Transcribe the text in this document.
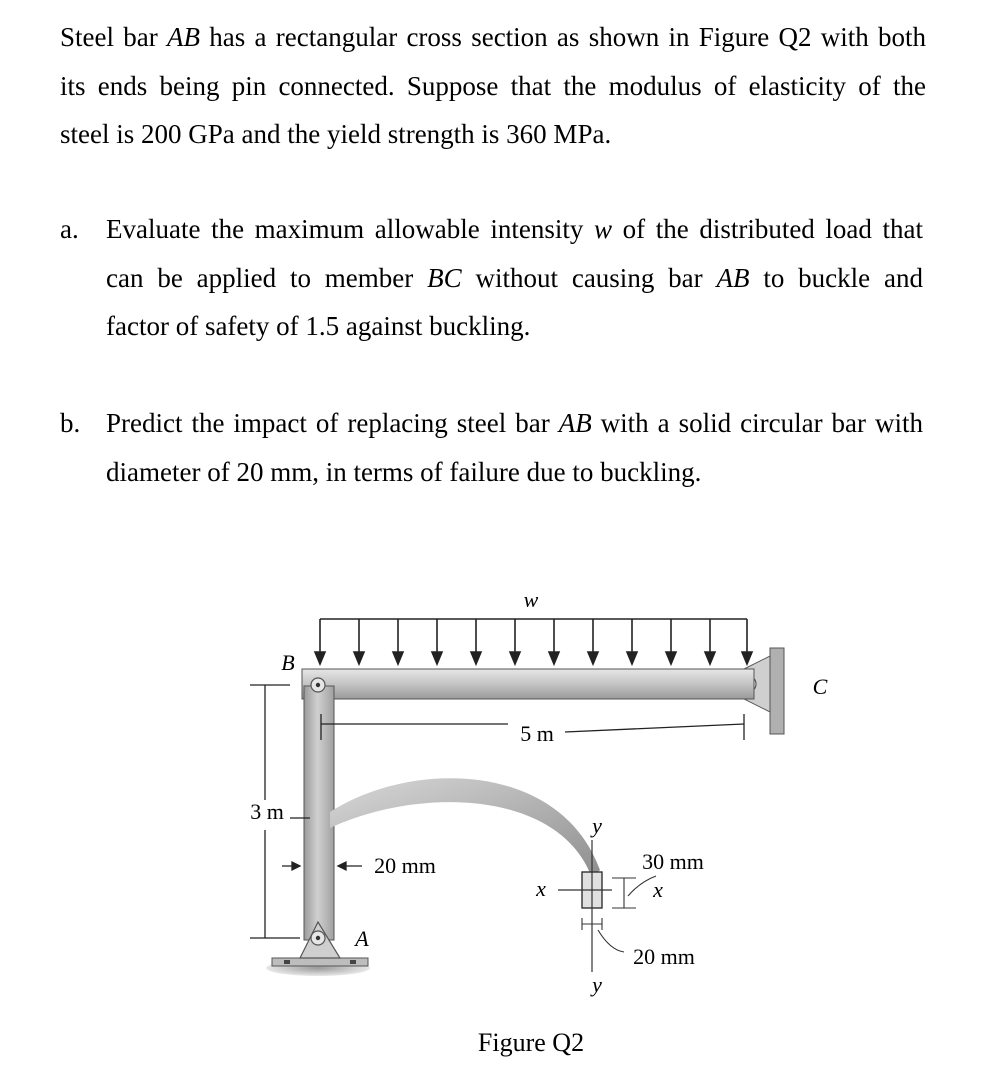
Steel bar AB has a rectangular cross section as shown in Figure Q2 with both
its ends being pin connected. Suppose that the modulus of elasticity of the
steel is 200 GPa and the yield strength is 360 MPa.
a. Evaluate the maximum allowable intensity w of the distributed load that
can be applied to member BC without causing bar AB to buckle and
factor of safety of 1.5 against buckling.
b. Predict the impact of replacing steel bar AB with a solid circular bar with
diameter of 20 mm, in terms of failure due to buckling.
w
5 m
3 m
20 mm
A
B
C
y
y
x	x
30 mm
20 mm
Figure Q2
